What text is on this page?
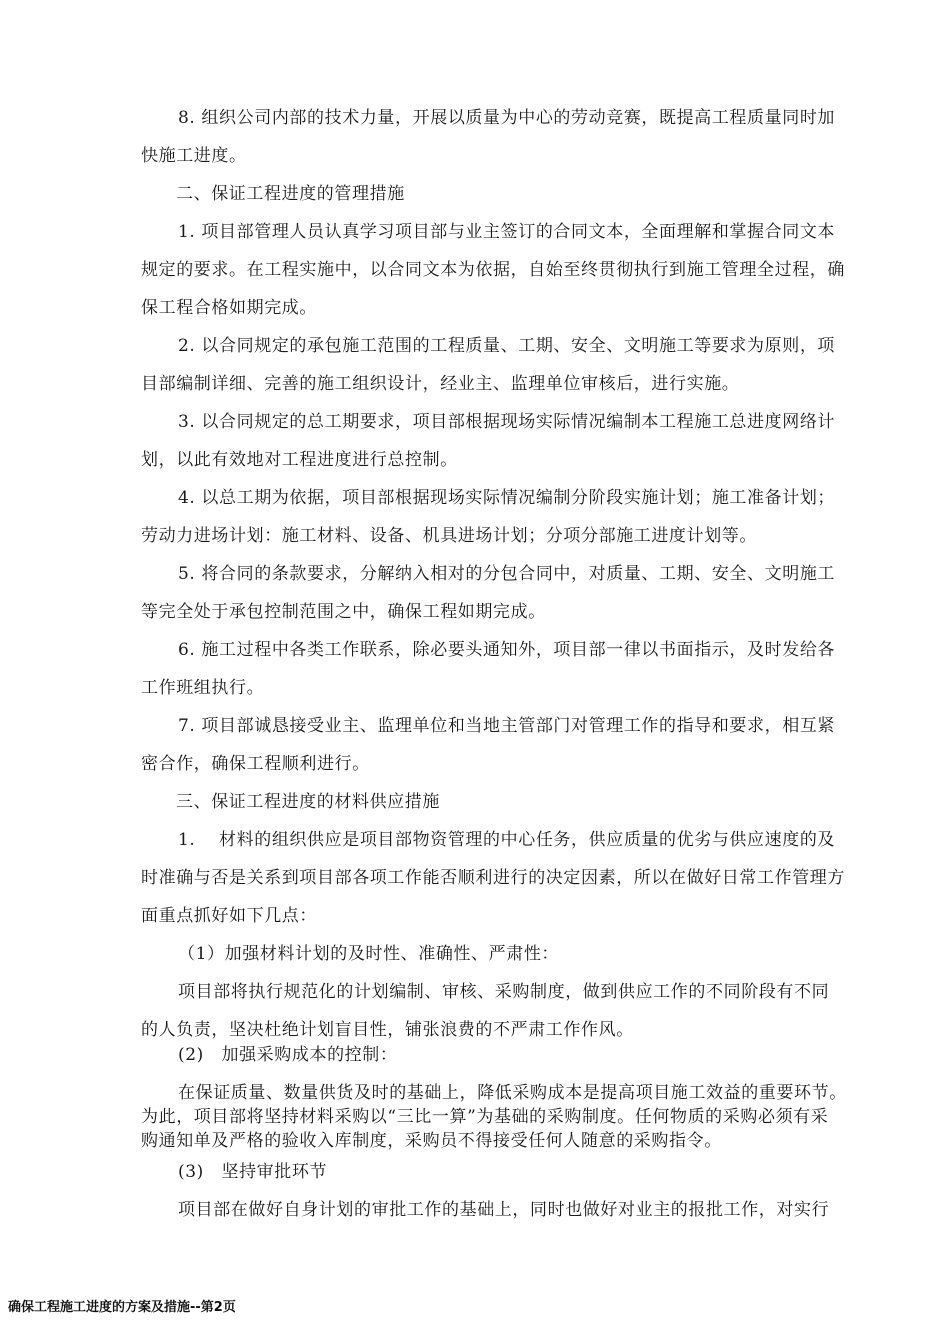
8. 组织公司内部的技术力量，开展以质量为中心的劳动竞赛，既提高工程质量同时加
快施工进度。
二、保证工程进度的管理措施
1. 项目部管理人员认真学习项目部与业主签订的合同文本，全面理解和掌握合同文本
规定的要求。在工程实施中，以合同文本为依据，自始至终贯彻执行到施工管理全过程，确
保工程合格如期完成。
2. 以合同规定的承包施工范围的工程质量、工期、安全、文明施工等要求为原则，项
目部编制详细、完善的施工组织设计，经业主、监理单位审核后，进行实施。
3. 以合同规定的总工期要求，项目部根据现场实际情况编制本工程施工总进度网络计
划，以此有效地对工程进度进行总控制。
4. 以总工期为依据，项目部根据现场实际情况编制分阶段实施计划；施工准备计划；
劳动力进场计划：施工材料、设备、机具进场计划；分项分部施工进度计划等。
5. 将合同的条款要求，分解纳入相对的分包合同中，对质量、工期、安全、文明施工
等完全处于承包控制范围之中，确保工程如期完成。
6. 施工过程中各类工作联系，除必要头通知外，项目部一律以书面指示，及时发给各
工作班组执行。
7. 项目部诚恳接受业主、监理单位和当地主管部门对管理工作的指导和要求，相互紧
密合作，确保工程顺利进行。
三、保证工程进度的材料供应措施
1.　 材料的组织供应是项目部物资管理的中心任务，供应质量的优劣与供应速度的及
时准确与否是关系到项目部各项工作能否顺利进行的决定因素，所以在做好日常工作管理方
面重点抓好如下几点：
（1）加强材料计划的及时性、准确性、严肃性：
项目部将执行规范化的计划编制、审核、采购制度，做到供应工作的不同阶段有不同
的人负责，坚决杜绝计划盲目性，铺张浪费的不严肃工作作风。
(2)　加强采购成本的控制：
在保证质量、数量供货及时的基础上，降低采购成本是提高项目施工效益的重要环节。
为此，项目部将坚持材料采购以“三比一算”为基础的采购制度。任何物质的采购必须有采
购通知单及严格的验收入库制度，采购员不得接受任何人随意的采购指令。
(3)　坚持审批环节
项目部在做好自身计划的审批工作的基础上，同时也做好对业主的报批工作，对实行
确保工程施工进度的方案及措施--第2页
